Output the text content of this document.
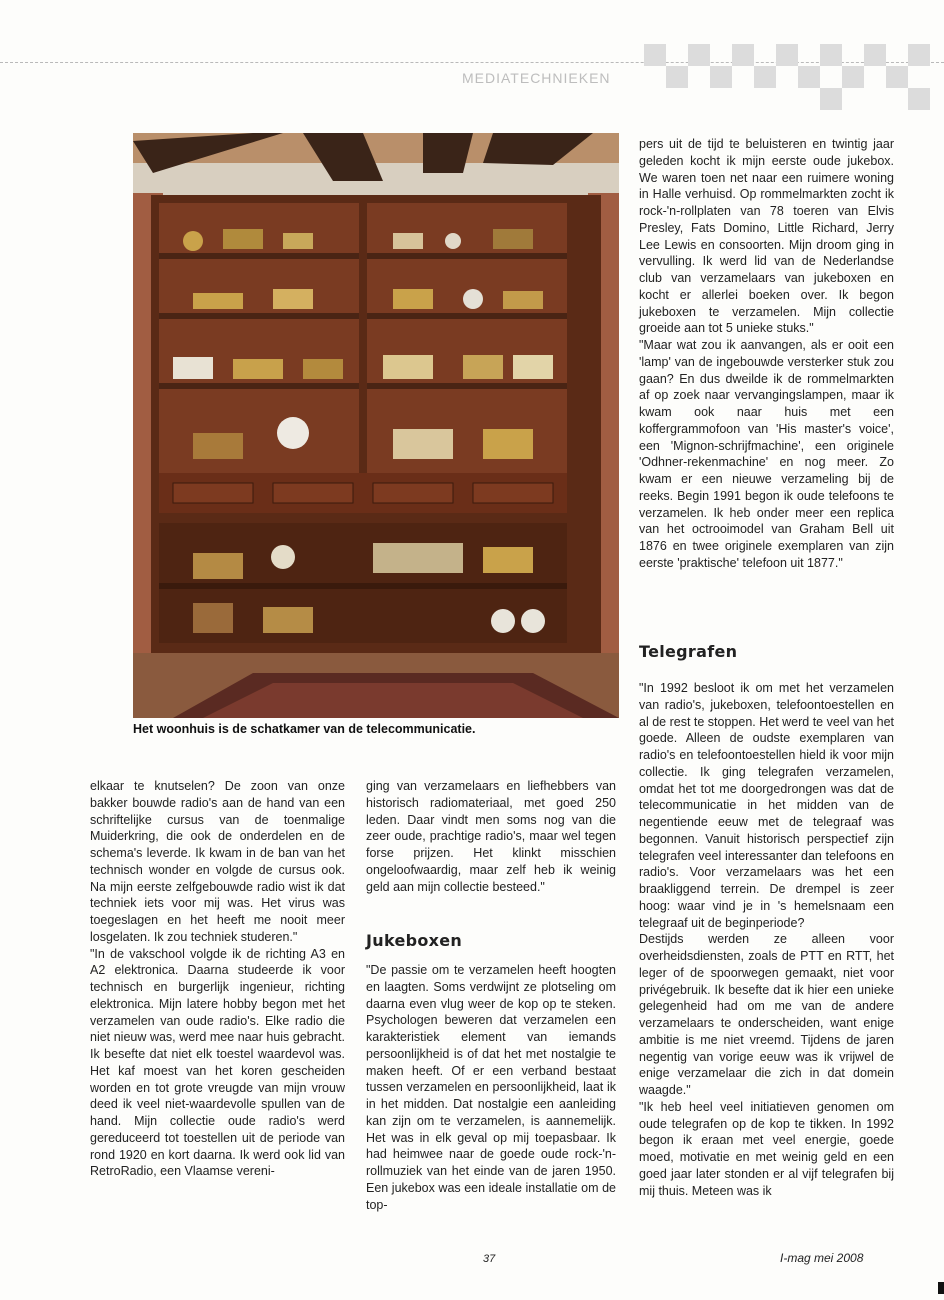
MEDIATECHNIEKEN
Het woonhuis is de schatkamer van de telecommunicatie.

elkaar te knutselen? De zoon van onze bakker bouwde radio's aan de hand van een schriftelijke cursus van de toenmalige Muiderkring, die ook de onderdelen en de schema's leverde. Ik kwam in de ban van het technisch wonder en volgde de cursus ook. Na mijn eerste zelfgebouwde radio wist ik dat techniek iets voor mij was. Het virus was toegeslagen en het heeft me nooit meer losgelaten. Ik zou techniek studeren."

"In de vakschool volgde ik de richting A3 en A2 elektronica. Daarna studeerde ik voor technisch en burgerlijk ingenieur, richting elektronica. Mijn latere hobby begon met het verzamelen van oude radio's. Elke radio die niet nieuw was, werd mee naar huis gebracht. Ik besefte dat niet elk toestel waardevol was. Het kaf moest van het koren gescheiden worden en tot grote vreugde van mijn vrouw deed ik veel niet-waardevolle spullen van de hand. Mijn collectie oude radio's werd gereduceerd tot toestellen uit de periode van rond 1920 en kort daarna. Ik werd ook lid van RetroRadio, een Vlaamse vereni-

ging van verzamelaars en liefhebbers van historisch radiomateriaal, met goed 250 leden. Daar vindt men soms nog van die zeer oude, prachtige radio's, maar wel tegen forse prijzen. Het klinkt misschien ongeloofwaardig, maar zelf heb ik weinig geld aan mijn collectie besteed."

Jukeboxen

"De passie om te verzamelen heeft hoogten en laagten. Soms verdwijnt ze plotseling om daarna even vlug weer de kop op te steken. Psychologen beweren dat verzamelen een karakteristiek element van iemands persoonlijkheid is of dat het met nostalgie te maken heeft. Of er een verband bestaat tussen verzamelen en persoonlijkheid, laat ik in het midden. Dat nostalgie een aanleiding kan zijn om te verzamelen, is aannemelijk. Het was in elk geval op mij toepasbaar. Ik had heimwee naar de goede oude rock-'n-rollmuziek van het einde van de jaren 1950. Een jukebox was een ideale installatie om de top-

pers uit de tijd te beluisteren en twintig jaar geleden kocht ik mijn eerste oude jukebox. We waren toen net naar een ruimere woning in Halle verhuisd. Op rommelmarkten zocht ik rock-'n-rollplaten van 78 toeren van Elvis Presley, Fats Domino, Little Richard, Jerry Lee Lewis en consoorten. Mijn droom ging in vervulling. Ik werd lid van de Nederlandse club van verzamelaars van jukeboxen en kocht er allerlei boeken over. Ik begon jukeboxen te verzamelen. Mijn collectie groeide aan tot 5 unieke stuks."

"Maar wat zou ik aanvangen, als er ooit een 'lamp' van de ingebouwde versterker stuk zou gaan? En dus dweilde ik de rommelmarkten af op zoek naar vervangingslampen, maar ik kwam ook naar huis met een koffergrammofoon van 'His master's voice', een 'Mignon-schrijfmachine', een originele 'Odhner-rekenmachine' en nog meer. Zo kwam er een nieuwe verzameling bij de reeks. Begin 1991 begon ik oude telefoons te verzamelen. Ik heb onder meer een replica van het octrooimodel van Graham Bell uit 1876 en twee originele exemplaren van zijn eerste 'praktische' telefoon uit 1877."

Telegrafen

"In 1992 besloot ik om met het verzamelen van radio's, jukeboxen, telefoontoestellen en al de rest te stoppen. Het werd te veel van het goede. Alleen de oudste exemplaren van radio's en telefoontoestellen hield ik voor mijn collectie. Ik ging telegrafen verzamelen, omdat het tot me doorgedrongen was dat de telecommunicatie in het midden van de negentiende eeuw met de telegraaf was begonnen. Vanuit historisch perspectief zijn telegrafen veel interessanter dan telefoons en radio's. Voor verzamelaars was het een braakliggend terrein. De drempel is zeer hoog: waar vind je in 's hemelsnaam een telegraaf uit de beginperiode?

Destijds werden ze alleen voor overheidsdiensten, zoals de PTT en RTT, het leger of de spoorwegen gemaakt, niet voor privégebruik. Ik besefte dat ik hier een unieke gelegenheid had om me van de andere verzamelaars te onderscheiden, want enige ambitie is me niet vreemd. Tijdens de jaren negentig van vorige eeuw was ik vrijwel de enige verzamelaar die zich in dat domein waagde."

"Ik heb heel veel initiatieven genomen om oude telegrafen op de kop te tikken. In 1992 begon ik eraan met veel energie, goede moed, motivatie en met weinig geld en een goed jaar later stonden er al vijf telegrafen bij mij thuis. Meteen was ik

37	I-mag mei 2008
